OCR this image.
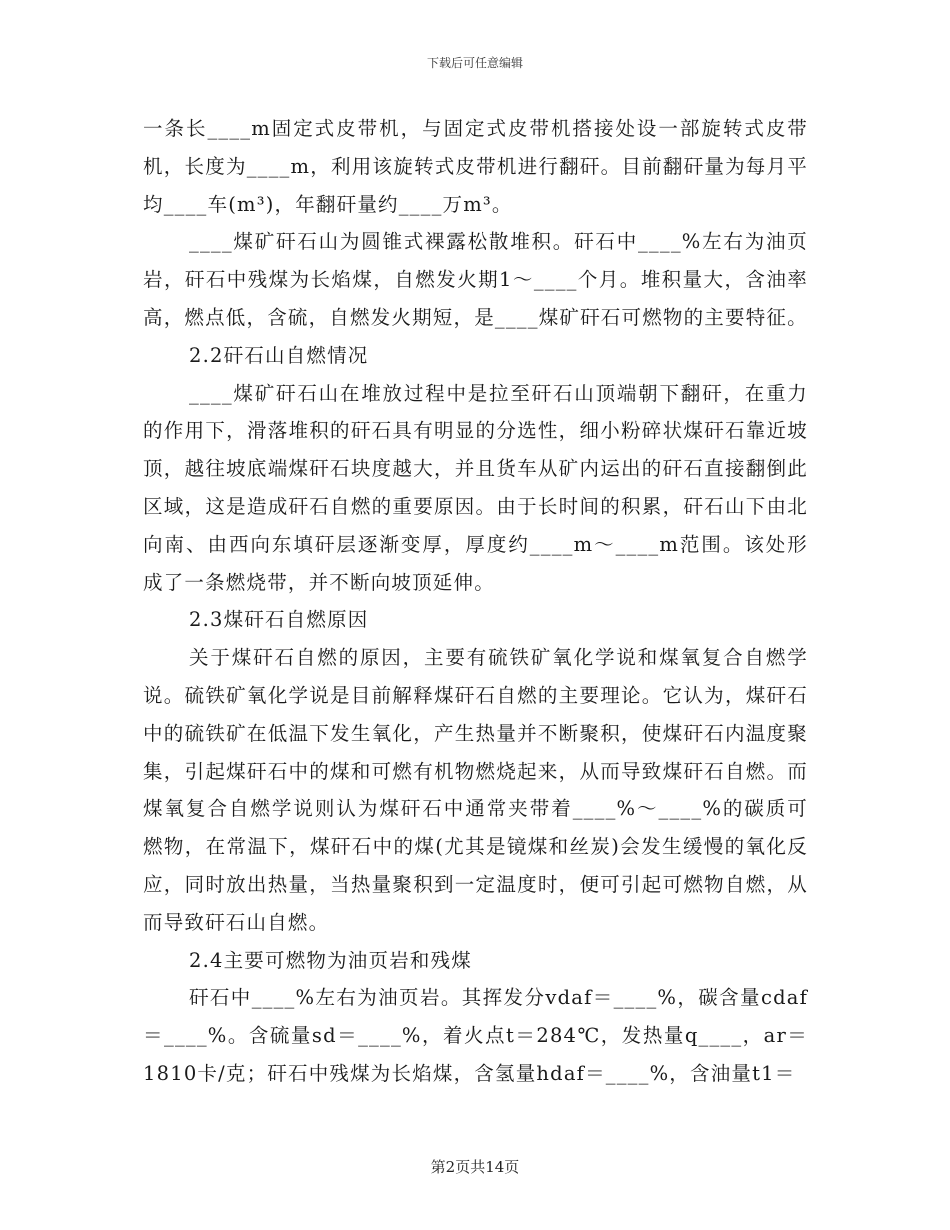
下载后可任意编辑

一条长____m固定式皮带机，与固定式皮带机搭接处设一部旋转式皮带机，长度为____m，利用该旋转式皮带机进行翻矸。目前翻矸量为每月平均____车(m³)，年翻矸量约____万m³。

____煤矿矸石山为圆锥式裸露松散堆积。矸石中____%左右为油页岩，矸石中残煤为长焰煤，自燃发火期1～____个月。堆积量大，含油率高，燃点低，含硫，自燃发火期短，是____煤矿矸石可燃物的主要特征。

2.2矸石山自燃情况

____煤矿矸石山在堆放过程中是拉至矸石山顶端朝下翻矸，在重力的作用下，滑落堆积的矸石具有明显的分选性，细小粉碎状煤矸石靠近坡顶，越往坡底端煤矸石块度越大，并且货车从矿内运出的矸石直接翻倒此区域，这是造成矸石自燃的重要原因。由于长时间的积累，矸石山下由北向南、由西向东填矸层逐渐变厚，厚度约____m～____m范围。该处形成了一条燃烧带，并不断向坡顶延伸。

2.3煤矸石自燃原因

关于煤矸石自燃的原因，主要有硫铁矿氧化学说和煤氧复合自燃学说。硫铁矿氧化学说是目前解释煤矸石自燃的主要理论。它认为，煤矸石中的硫铁矿在低温下发生氧化，产生热量并不断聚积，使煤矸石内温度聚集，引起煤矸石中的煤和可燃有机物燃烧起来，从而导致煤矸石自燃。而煤氧复合自燃学说则认为煤矸石中通常夹带着____%～____%的碳质可燃物，在常温下，煤矸石中的煤(尤其是镜煤和丝炭)会发生缓慢的氧化反应，同时放出热量，当热量聚积到一定温度时，便可引起可燃物自燃，从而导致矸石山自燃。

2.4主要可燃物为油页岩和残煤

矸石中____%左右为油页岩。其挥发分vdaf＝____%，碳含量cdaf＝____%。含硫量sd＝____%，着火点t＝284℃，发热量q____，ar＝1810卡/克；矸石中残煤为长焰煤，含氢量hdaf＝____%，含油量t1＝

第2页共14页
